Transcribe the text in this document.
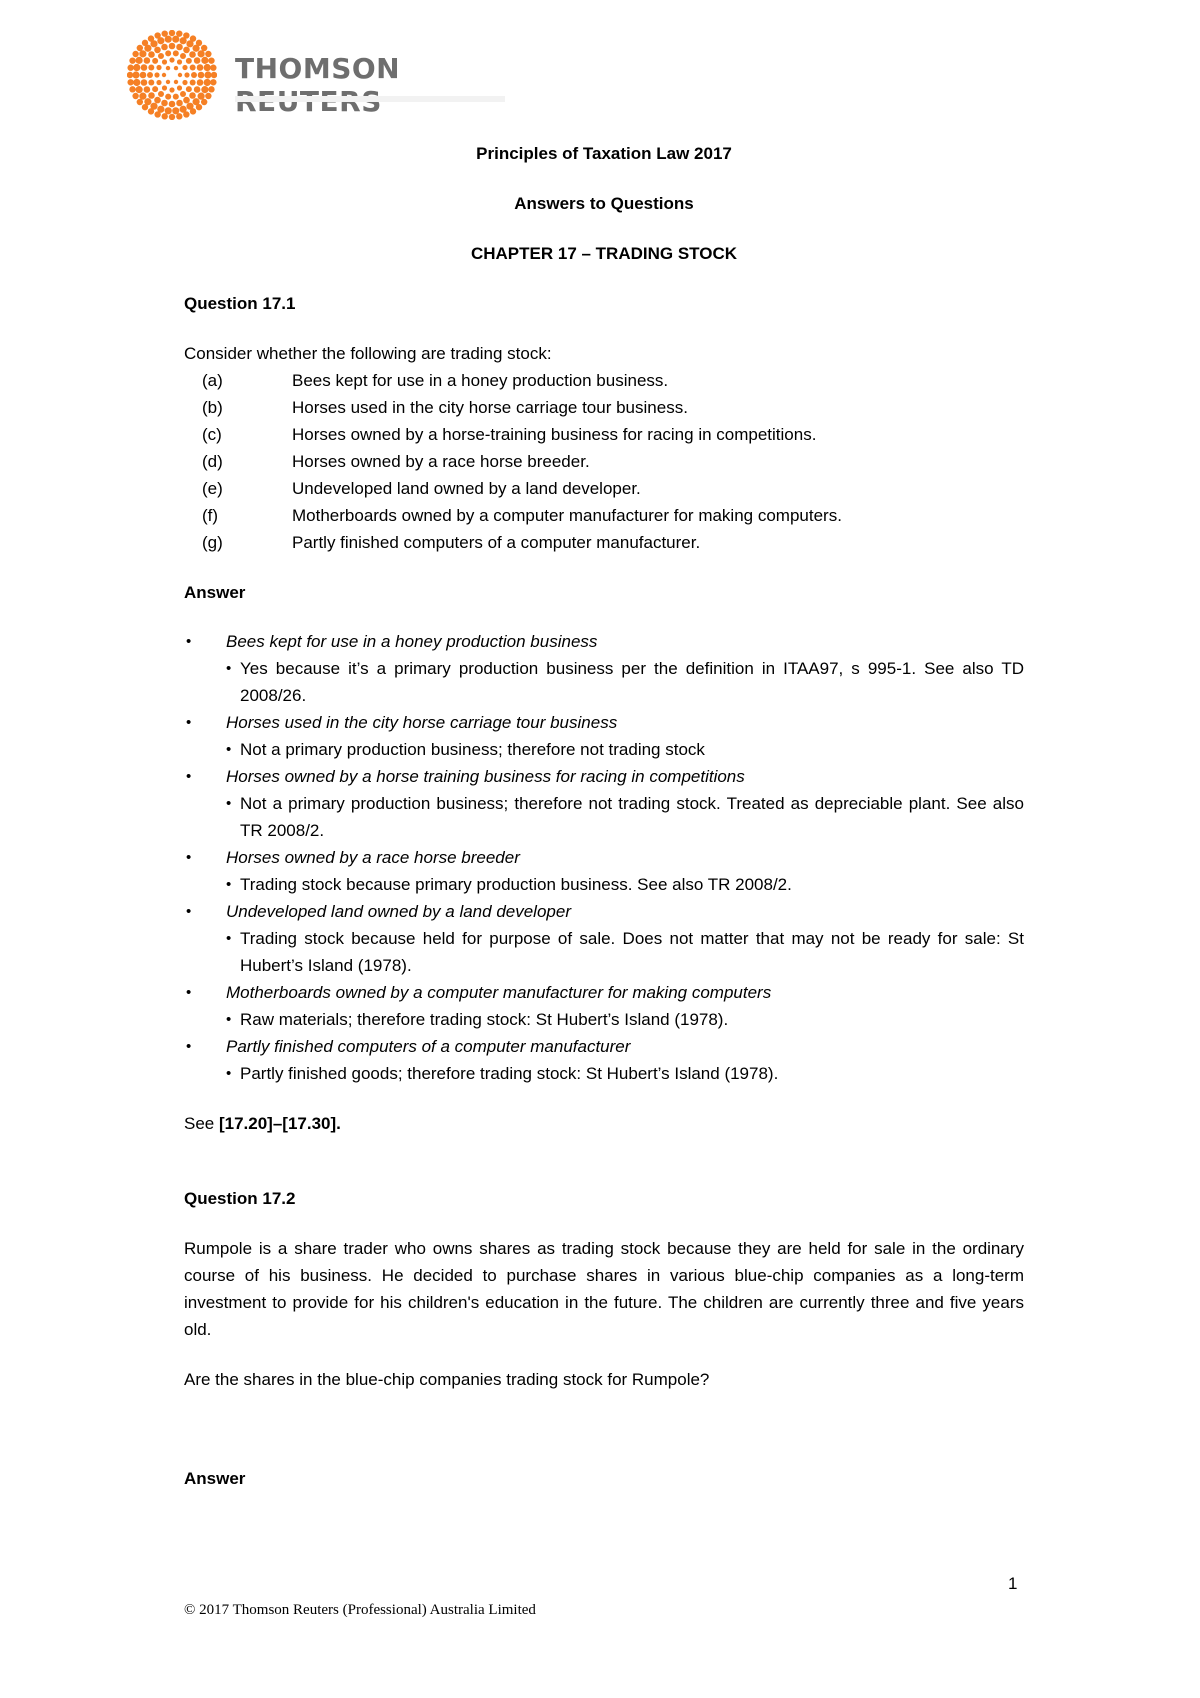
THOMSON

Principles of Taxation Law 2017

Answers to Questions

CHAPTER 17 – TRADING STOCK

Question 17.1

Consider whether the following are trading stock:

(a)	Bees kept for use in a honey production business.
(b)	Horses used in the city horse carriage tour business.
(c)	Horses owned by a horse-training business for racing in competitions.
(d)	Horses owned by a race horse breeder.
(e)	Undeveloped land owned by a land developer.
(f)	Motherboards owned by a computer manufacturer for making computers.
(g)	Partly finished computers of a computer manufacturer.

Answer

• Bees kept for use in a honey production business
• Yes because it’s a primary production business per the definition in ITAA97, s 995-1. See also TD 2008/26.
• Horses used in the city horse carriage tour business
• Not a primary production business; therefore not trading stock
• Horses owned by a horse training business for racing in competitions
• Not a primary production business; therefore not trading stock. Treated as depreciable plant. See also TR 2008/2.
• Horses owned by a race horse breeder
• Trading stock because primary production business. See also TR 2008/2.
• Undeveloped land owned by a land developer
• Trading stock because held for purpose of sale. Does not matter that may not be ready for sale: St Hubert’s Island (1978).
• Motherboards owned by a computer manufacturer for making computers
• Raw materials; therefore trading stock: St Hubert’s Island (1978).
• Partly finished computers of a computer manufacturer
• Partly finished goods; therefore trading stock: St Hubert’s Island (1978).

See [17.20]–[17.30].

Question 17.2

Rumpole is a share trader who owns shares as trading stock because they are held for sale in the ordinary course of his business. He decided to purchase shares in various blue-chip companies as a long-term investment to provide for his children's education in the future. The children are currently three and five years old.

Are the shares in the blue-chip companies trading stock for Rumpole?

Answer

1
© 2017 Thomson Reuters (Professional) Australia Limited
